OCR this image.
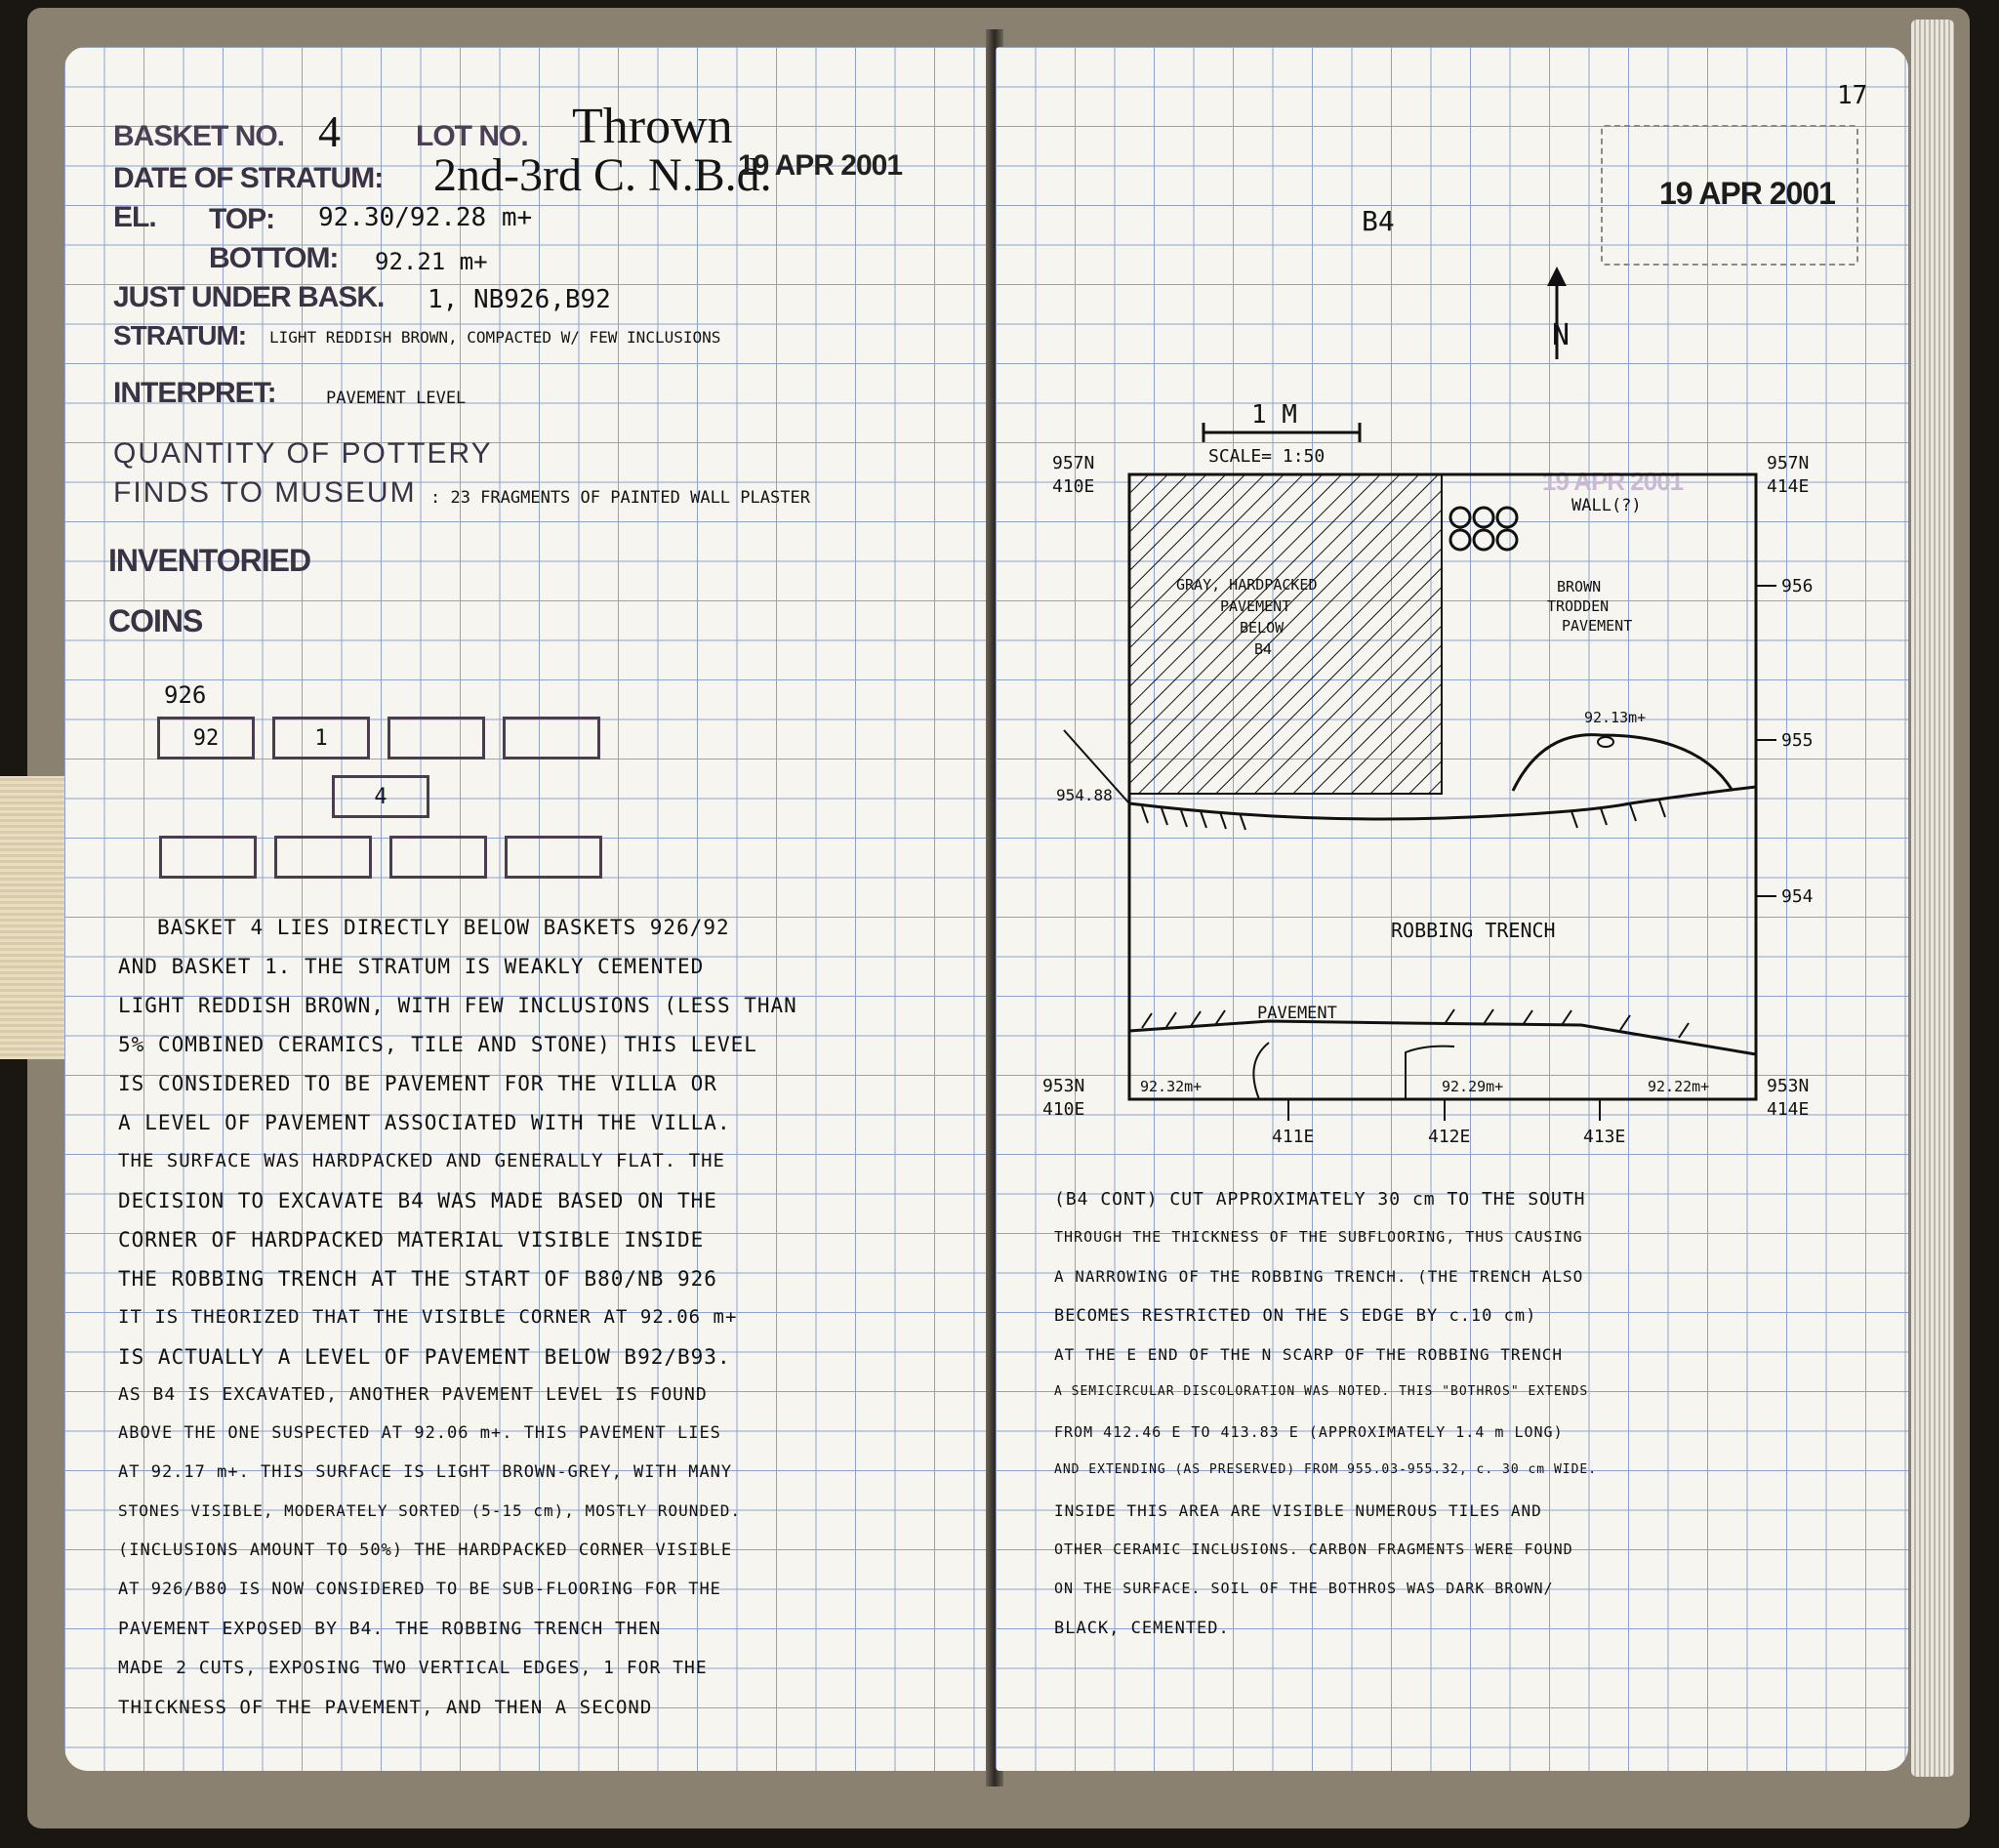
BASKET NO. 4	LOT NO. Thrown
DATE OF STRATUM: 2nd-3rd C. N.B.d.
19 APR 2001
EL. TOP: 92.30/92.28 m+
BOTTOM: 92.21 m+
JUST UNDER BASK. 1, NB926,B92
STRATUM: LIGHT REDDISH BROWN, COMPACTED W/ FEW INCLUSIONS
INTERPRET:	PAVEMENT LEVEL
QUANTITY OF POTTERY
FINDS TO MUSEUM : 23 FRAGMENTS OF PAINTED WALL PLASTER
INVENTORIED
COINS
926
92	1
4
BASKET 4 LIES DIRECTLY BELOW BASKETS 926/92
AND BASKET 1. THE STRATUM IS WEAKLY CEMENTED
LIGHT REDDISH BROWN, WITH FEW INCLUSIONS (LESS THAN
5% COMBINED CERAMICS, TILE AND STONE) THIS LEVEL
IS CONSIDERED TO BE PAVEMENT FOR THE VILLA OR
A LEVEL OF PAVEMENT ASSOCIATED WITH THE VILLA.
THE SURFACE WAS HARDPACKED AND GENERALLY FLAT. THE
DECISION TO EXCAVATE B4 WAS MADE BASED ON THE
CORNER OF HARDPACKED MATERIAL VISIBLE INSIDE
THE ROBBING TRENCH AT THE START OF B80/NB 926
IT IS THEORIZED THAT THE VISIBLE CORNER AT 92.06 m+
IS ACTUALLY A LEVEL OF PAVEMENT BELOW B92/B93.
AS B4 IS EXCAVATED, ANOTHER PAVEMENT LEVEL IS FOUND
ABOVE THE ONE SUSPECTED AT 92.06 m+. THIS PAVEMENT LIES
AT 92.17 m+. THIS SURFACE IS LIGHT BROWN-GREY, WITH MANY
STONES VISIBLE, MODERATELY SORTED (5-15 cm), MOSTLY ROUNDED.
(INCLUSIONS AMOUNT TO 50%) THE HARDPACKED CORNER VISIBLE
AT 926/B80 IS NOW CONSIDERED TO BE SUB-FLOORING FOR THE
PAVEMENT EXPOSED BY B4. THE ROBBING TRENCH THEN
MADE 2 CUTS, EXPOSING TWO VERTICAL EDGES, 1 FOR THE
THICKNESS OF THE PAVEMENT, AND THEN A SECOND
17
19 APR 2001
19 APR 2001
B4
N
1 M
SCALE= 1:50
957N
410E
957N
414E
953N
410E
953N
414E
956
955
954
954.88
411E	412E	413E
GRAY, HARDPACKED
PAVEMENT
BELOW
B4
WALL(?)
BROWN
TRODDEN
PAVEMENT
92.13m+
ROBBING TRENCH
PAVEMENT
92.32m+	92.29m+	92.22m+
(B4 CONT) CUT APPROXIMATELY 30 cm TO THE SOUTH
THROUGH THE THICKNESS OF THE SUBFLOORING, THUS CAUSING
A NARROWING OF THE ROBBING TRENCH. (THE TRENCH ALSO
BECOMES RESTRICTED ON THE S EDGE BY c.10 cm)
AT THE E END OF THE N SCARP OF THE ROBBING TRENCH
A SEMICIRCULAR DISCOLORATION WAS NOTED. THIS "BOTHROS" EXTENDS
FROM 412.46 E TO 413.83 E (APPROXIMATELY 1.4 m LONG)
AND EXTENDING (AS PRESERVED) FROM 955.03-955.32, c. 30 cm WIDE.
INSIDE THIS AREA ARE VISIBLE NUMEROUS TILES AND
OTHER CERAMIC INCLUSIONS. CARBON FRAGMENTS WERE FOUND
ON THE SURFACE. SOIL OF THE BOTHROS WAS DARK BROWN/
BLACK, CEMENTED.
